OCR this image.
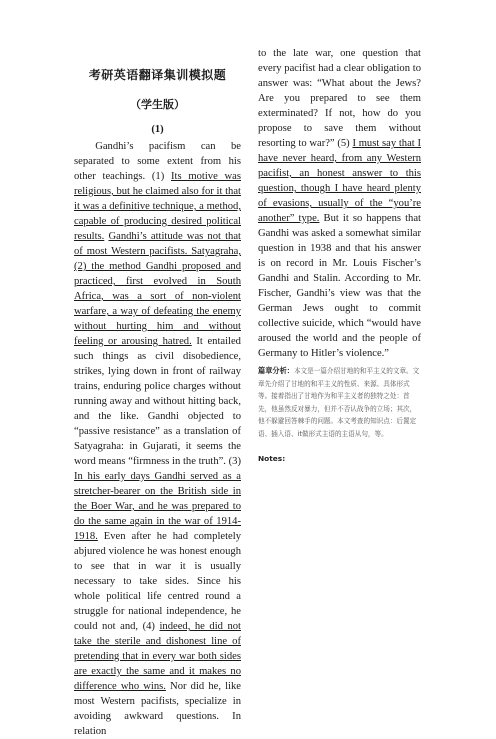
考研英语翻译集训模拟题
（学生版）
(1)

Gandhi’s pacifism can be separated to some extent from his other teachings. (1) Its motive was religious, but he claimed also for it that it was a definitive technique, a method, capable of producing desired political results. Gandhi’s attitude was not that of most Western pacifists. Satyagraha, (2) the method Gandhi proposed and practiced, first evolved in South Africa, was a sort of non-violent warfare, a way of defeating the enemy without hurting him and without feeling or arousing hatred. It entailed such things as civil disobedience, strikes, lying down in front of railway trains, enduring police charges without running away and without hitting back, and the like. Gandhi objected to “passive resistance” as a translation of Satyagraha: in Gujarati, it seems the word means “firmness in the truth”. (3) In his early days Gandhi served as a stretcher-bearer on the British side in the Boer War, and he was prepared to do the same again in the war of 1914-1918. Even after he had completely abjured violence he was honest enough to see that in war it is usually necessary to take sides. Since his whole political life centred round a struggle for national independence, he could not and, (4) indeed, he did not take the sterile and dishonest line of pretending that in every war both sides are exactly the same and it makes no difference who wins. Nor did he, like most Western pacifists, specialize in avoiding awkward questions. In relation

to the late war, one question that every pacifist had a clear obligation to answer was: “What about the Jews? Are you prepared to see them exterminated? If not, how do you propose to save them without resorting to war?” (5) I must say that I have never heard, from any Western pacifist, an honest answer to this question, though I have heard plenty of evasions, usually of the “you’re another” type. But it so happens that Gandhi was asked a somewhat similar question in 1938 and that his answer is on record in Mr. Louis Fischer’s Gandhi and Stalin. According to Mr. Fischer, Gandhi’s view was that the German Jews ought to commit collective suicide, which “would have aroused the world and the people of Germany to Hitler’s violence.”

篇章分析：本文是一篇介绍甘地的和平主义的文章。文章先介绍了甘地的和平主义的性质、来源、具体形式等。接着指出了甘地作为和平主义者的独特之处：首先，他虽然反对暴力，但并不否认战争的立场；其次，他不躲避回答棘手的问题。本文考查的知识点：后置定语、插入语、it做形式主语的主语从句，等。
Notes:
